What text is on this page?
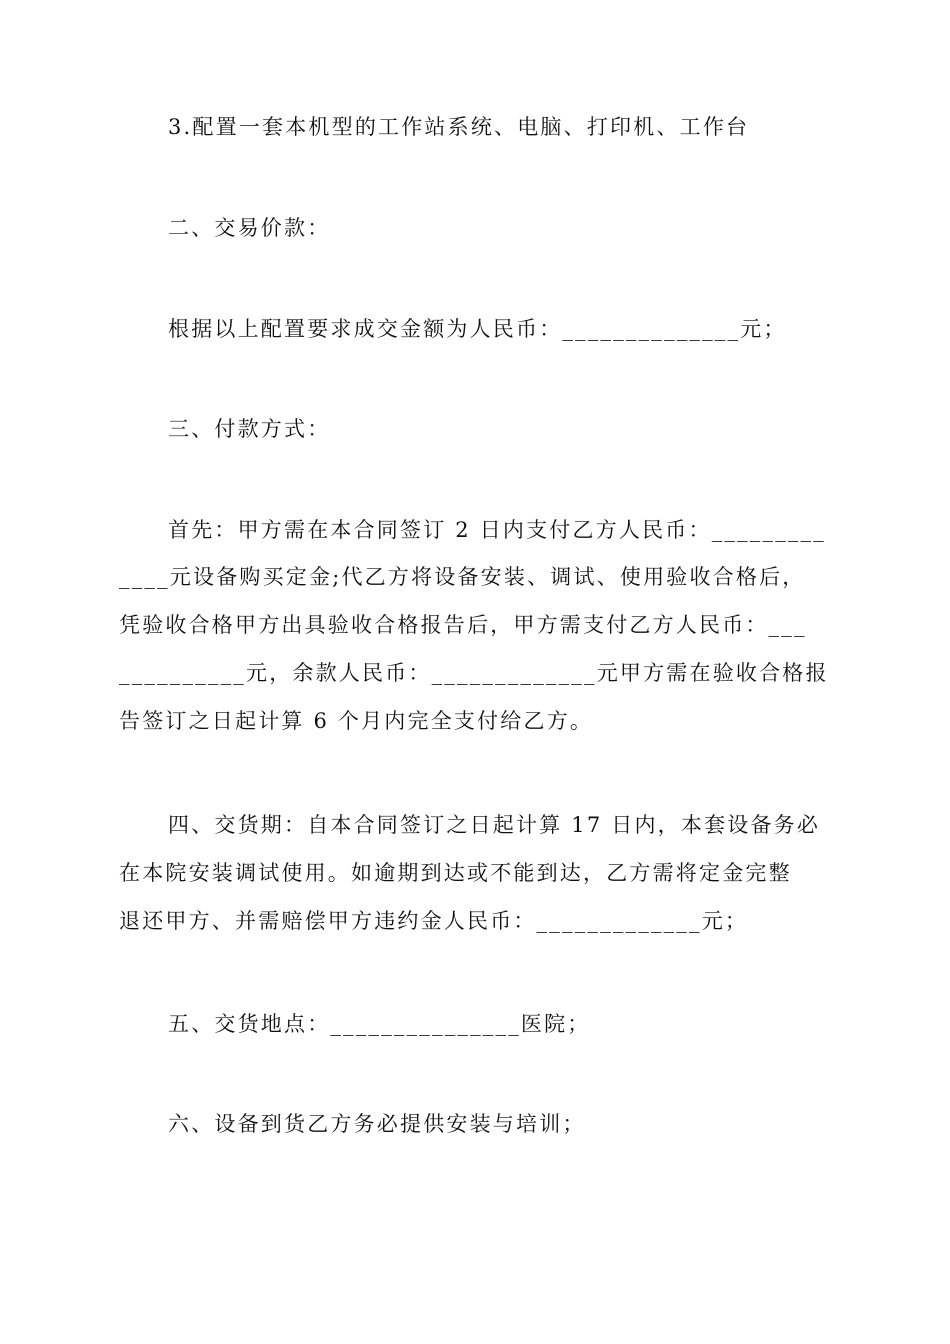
3.配置一套本机型的工作站系统、电脑、打印机、工作台
二、交易价款：
根据以上配置要求成交金额为人民币：______________元；
三、付款方式：
首先：甲方需在本合同签订 2 日内支付乙方人民币：_________
____元设备购买定金;代乙方将设备安装、调试、使用验收合格后，
凭验收合格甲方出具验收合格报告后，甲方需支付乙方人民币：___
__________元，余款人民币：_____________元甲方需在验收合格报
告签订之日起计算 6 个月内完全支付给乙方。
四、交货期：自本合同签订之日起计算 17 日内，本套设备务必
在本院安装调试使用。如逾期到达或不能到达，乙方需将定金完整
退还甲方、并需赔偿甲方违约金人民币：_____________元；
五、交货地点：_______________医院；
六、设备到货乙方务必提供安装与培训；
